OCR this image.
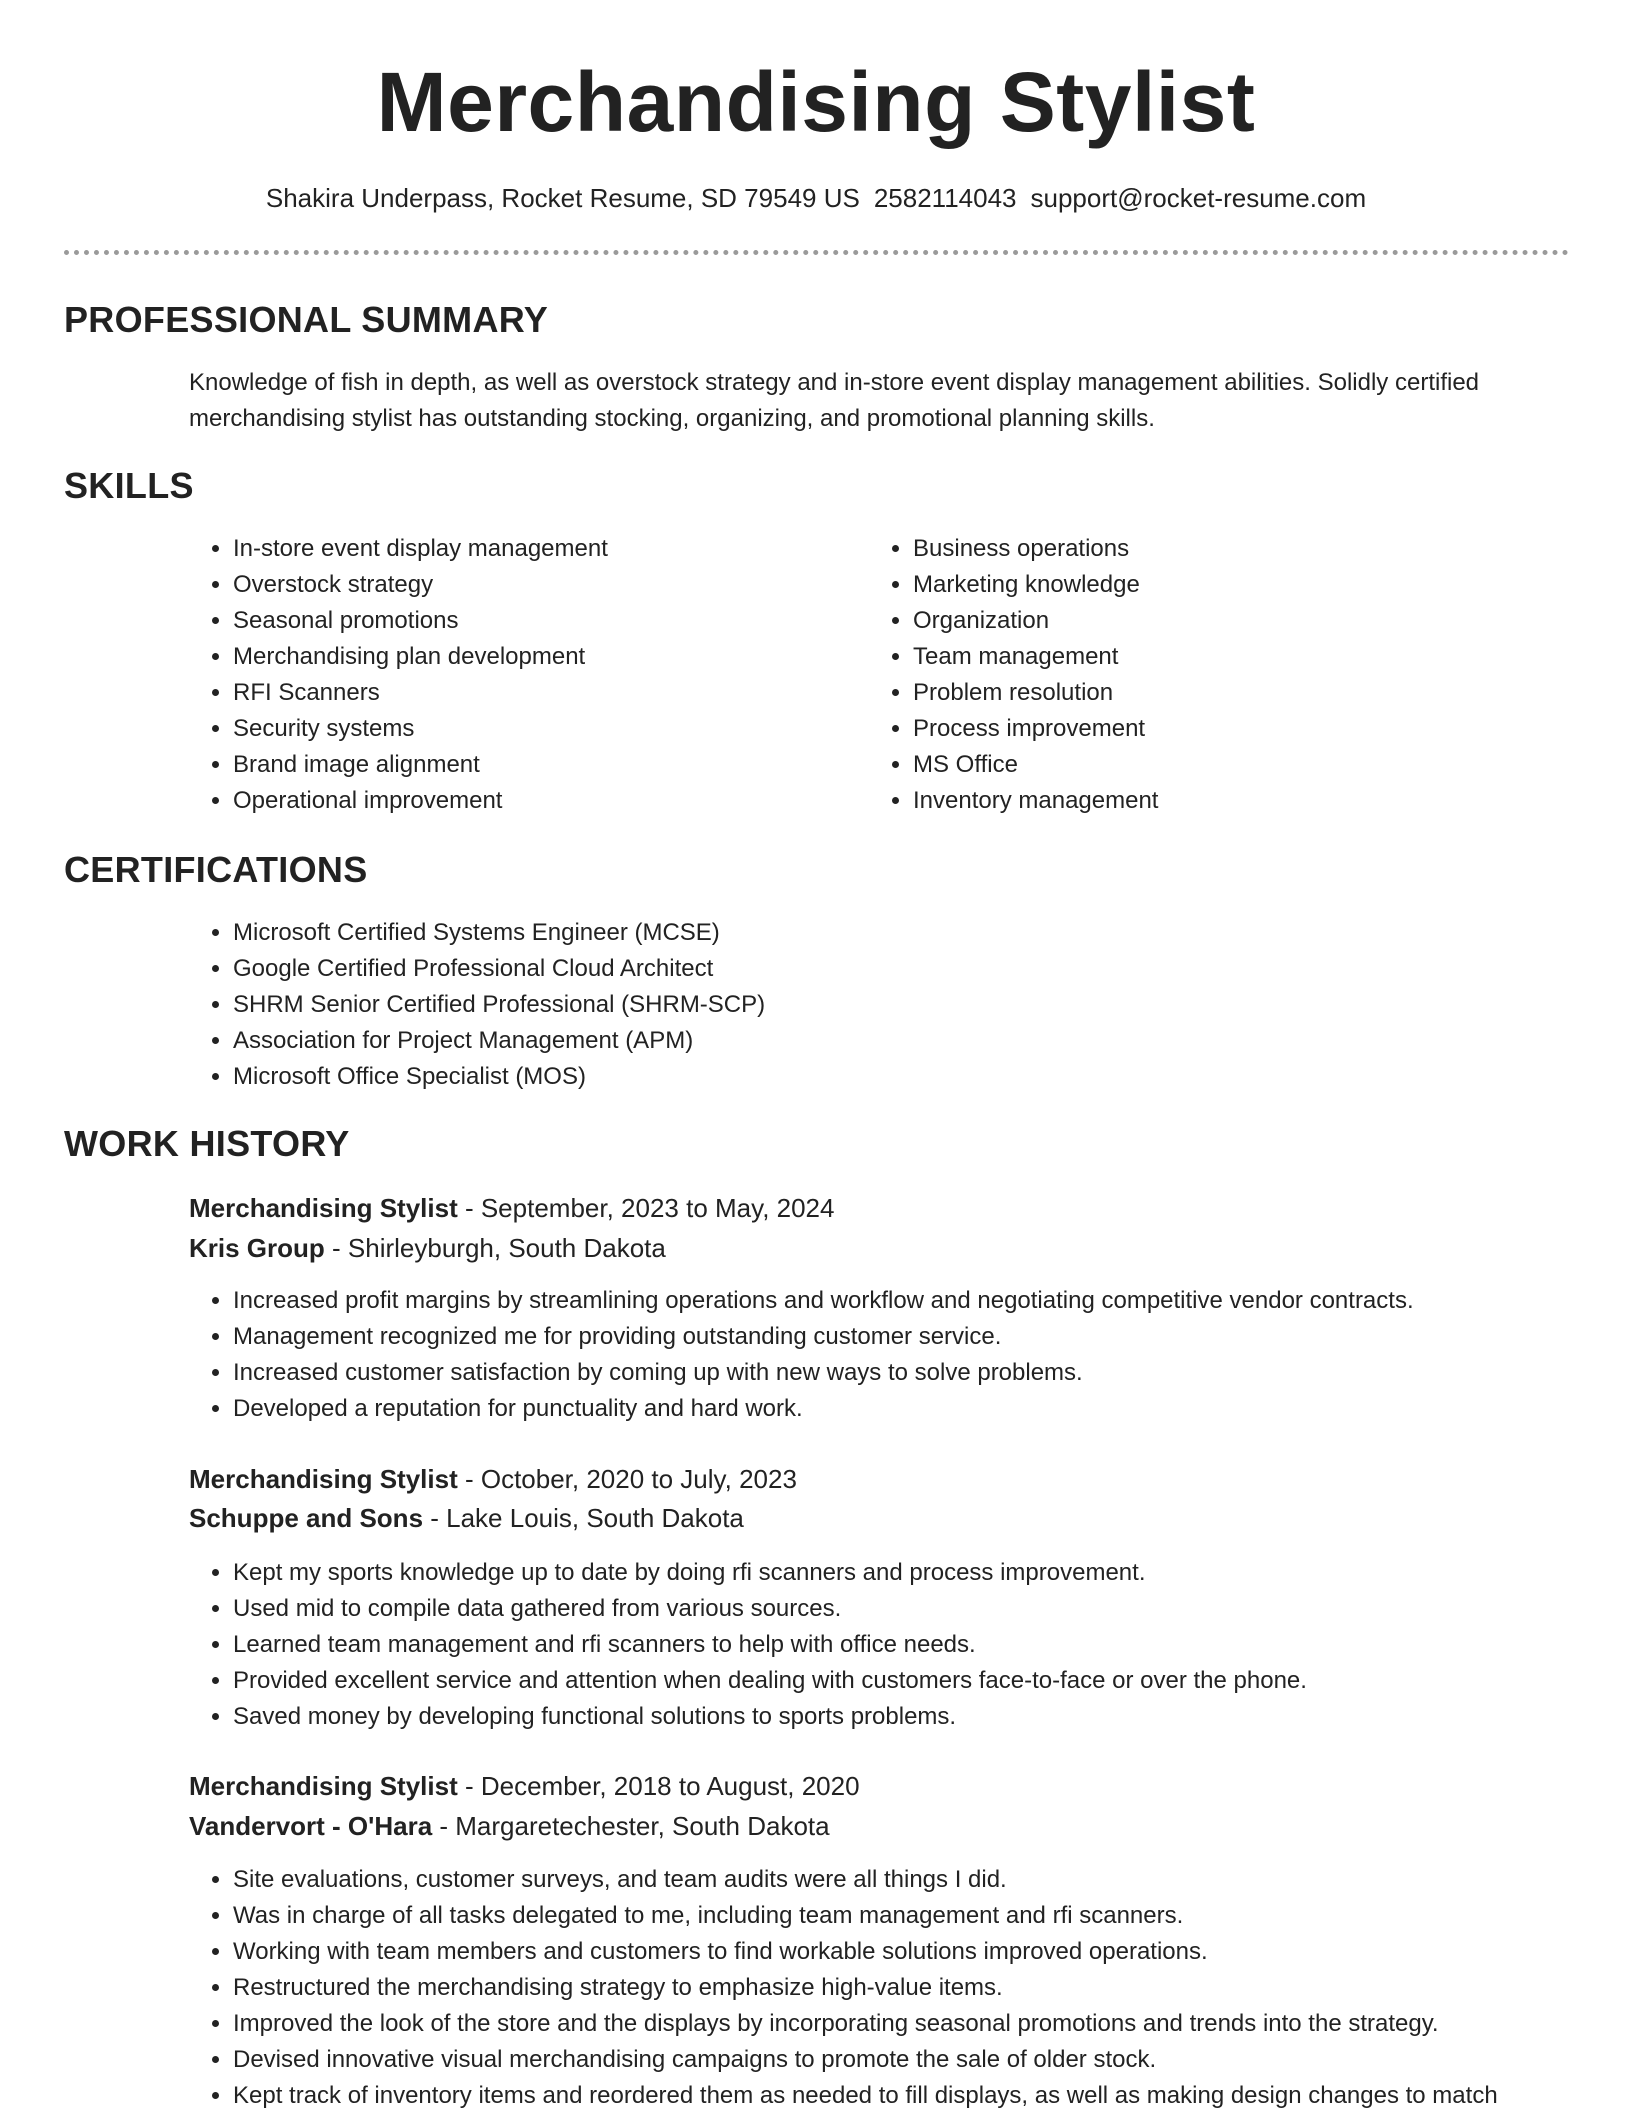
Merchandising Stylist
Shakira Underpass, Rocket Resume, SD 79549 US 2582114043 support@rocket-resume.com
PROFESSIONAL SUMMARY

Knowledge of fish in depth, as well as overstock strategy and in-store event display management abilities. Solidly certified merchandising stylist has outstanding stocking, organizing, and promotional planning skills.

SKILLS
• In-store event display management
• Overstock strategy
• Seasonal promotions
• Merchandising plan development
• RFI Scanners
• Security systems
• Brand image alignment
• Operational improvement
• Business operations
• Marketing knowledge
• Organization
• Team management
• Problem resolution
• Process improvement
• MS Office
• Inventory management
CERTIFICATIONS
• Microsoft Certified Systems Engineer (MCSE)
• Google Certified Professional Cloud Architect
• SHRM Senior Certified Professional (SHRM-SCP)
• Association for Project Management (APM)
• Microsoft Office Specialist (MOS)
WORK HISTORY
Merchandising Stylist - September, 2023 to May, 2024
Kris Group - Shirleyburgh, South Dakota
• Increased profit margins by streamlining operations and workflow and negotiating competitive vendor contracts.
• Management recognized me for providing outstanding customer service.
• Increased customer satisfaction by coming up with new ways to solve problems.
• Developed a reputation for punctuality and hard work.
Merchandising Stylist - October, 2020 to July, 2023
Schuppe and Sons - Lake Louis, South Dakota
• Kept my sports knowledge up to date by doing rfi scanners and process improvement.
• Used mid to compile data gathered from various sources.
• Learned team management and rfi scanners to help with office needs.
• Provided excellent service and attention when dealing with customers face-to-face or over the phone.
• Saved money by developing functional solutions to sports problems.
Merchandising Stylist - December, 2018 to August, 2020
Vandervort - O'Hara - Margaretechester, South Dakota
• Site evaluations, customer surveys, and team audits were all things I did.
• Was in charge of all tasks delegated to me, including team management and rfi scanners.
• Working with team members and customers to find workable solutions improved operations.
• Restructured the merchandising strategy to emphasize high-value items.
• Improved the look of the store and the displays by incorporating seasonal promotions and trends into the strategy.
• Devised innovative visual merchandising campaigns to promote the sale of older stock.
• Kept track of inventory items and reordered them as needed to fill displays, as well as making design changes to match
